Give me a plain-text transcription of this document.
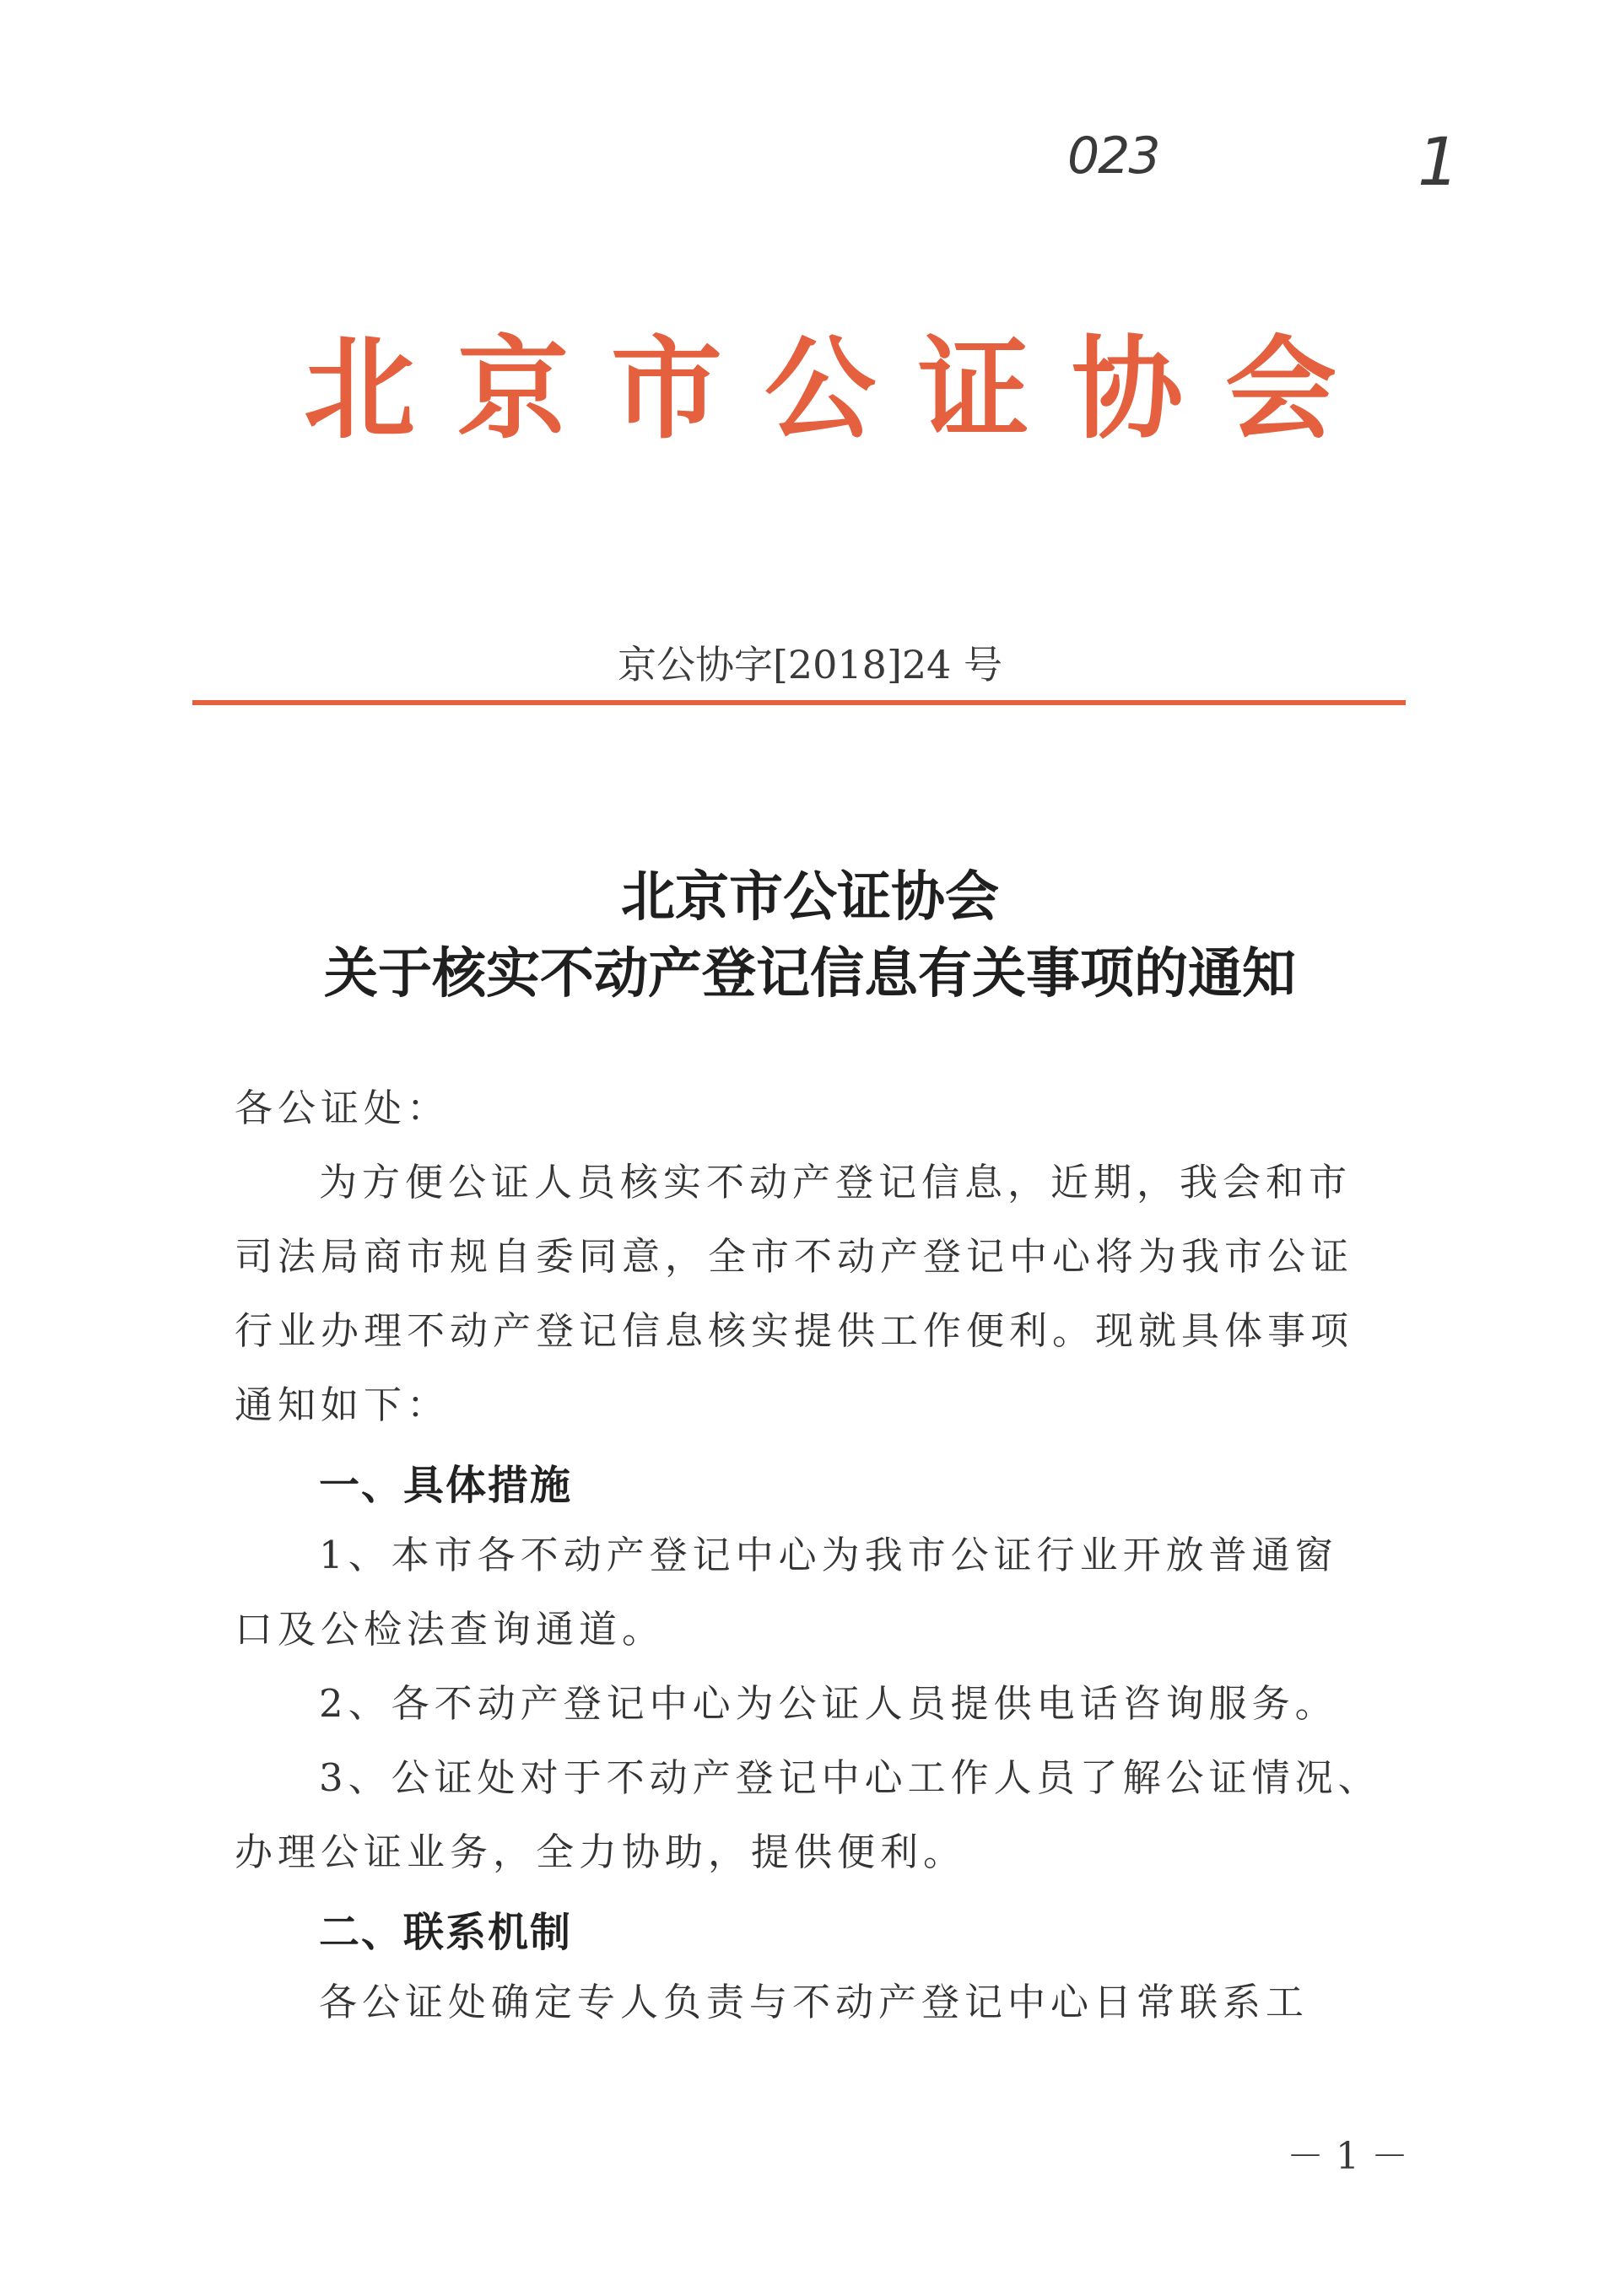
023	1
北京市公证协会
京公协字[2018]24 号
北京市公证协会
关于核实不动产登记信息有关事项的通知
各公证处：
为方便公证人员核实不动产登记信息，近期，我会和市
司法局商市规自委同意，全市不动产登记中心将为我市公证
行业办理不动产登记信息核实提供工作便利。现就具体事项
通知如下：
一、具体措施
1、本市各不动产登记中心为我市公证行业开放普通窗
口及公检法查询通道。
2、各不动产登记中心为公证人员提供电话咨询服务。
3、公证处对于不动产登记中心工作人员了解公证情况、
办理公证业务，全力协助，提供便利。
二、联系机制
各公证处确定专人负责与不动产登记中心日常联系工
－ 1 －
